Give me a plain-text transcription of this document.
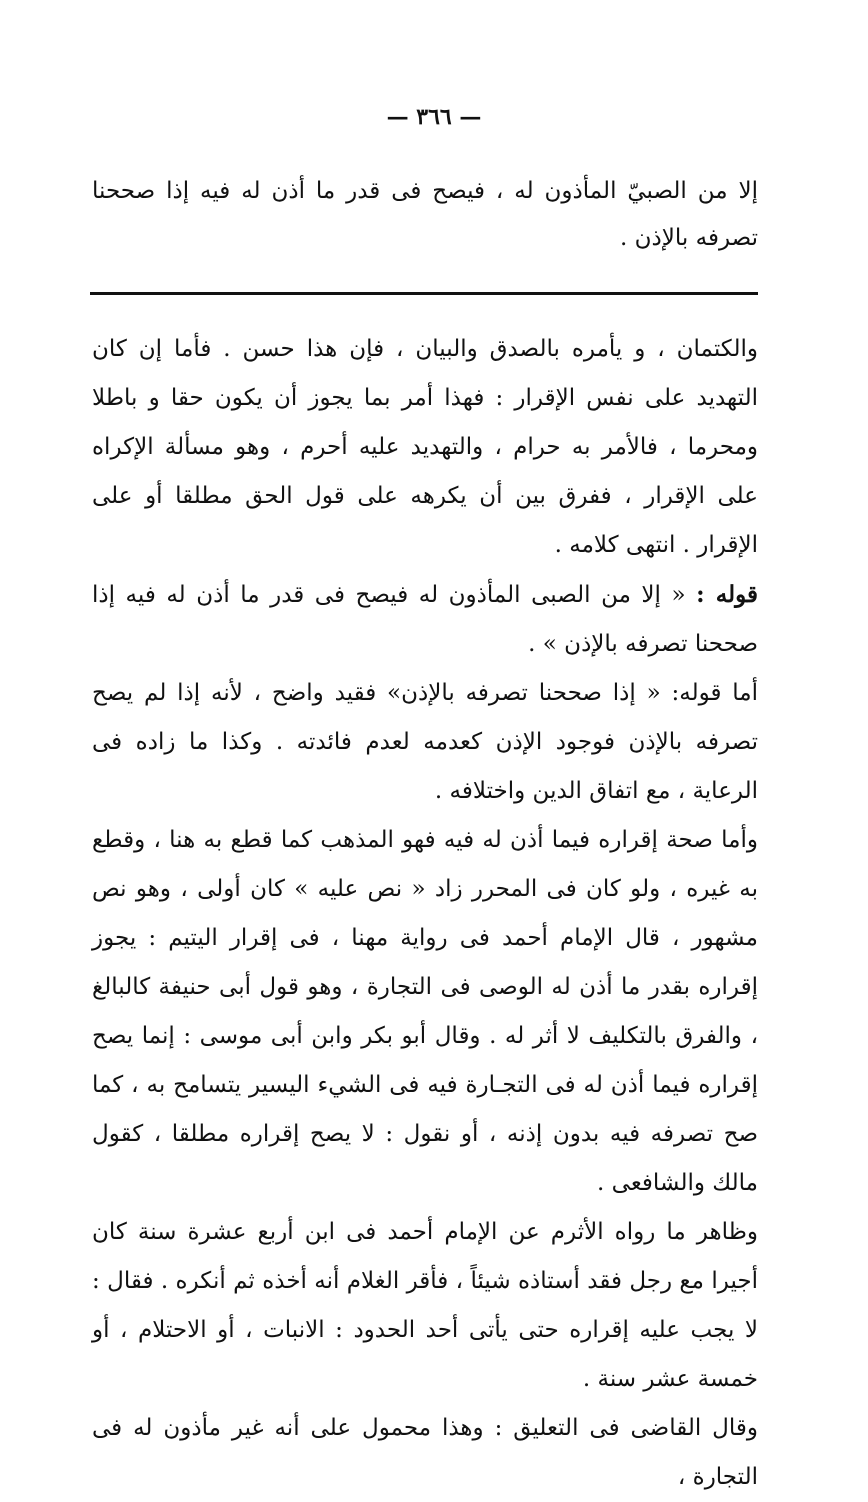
— ٣٦٦ —
إلا من الصبيّ المأذون له ، فيصح فى قدر ما أذن له فيه إذا صححنا تصرفه بالإذن .

والكتمان ، و يأمره بالصدق والبيان ، فإن هذا حسن . فأما إن كان التهديد على نفس الإقرار : فهذا أمر بما يجوز أن يكون حقا و باطلا ومحرما ، فالأمر به حرام ، والتهديد عليه أحرم ، وهو مسألة الإكراه على الإقرار ، ففرق بين أن يكرهه على قول الحق مطلقا أو على الإقرار . انتهى كلامه .

قوله : « إلا من الصبى المأذون له فيصح فى قدر ما أذن له فيه إذا صححنا تصرفه بالإذن » .

أما قوله: « إذا صححنا تصرفه بالإذن» فقيد واضح ، لأنه إذا لم يصح تصرفه بالإذن فوجود الإذن كعدمه لعدم فائدته . وكذا ما زاده فى الرعاية ، مع اتفاق الدين واختلافه .

وأما صحة إقراره فيما أذن له فيه فهو المذهب كما قطع به هنا ، وقطع به غيره ، ولو كان فى المحرر زاد « نص عليه » كان أولى ، وهو نص مشهور ، قال الإمام أحمد فى رواية مهنا ، فى إقرار اليتيم : يجوز إقراره بقدر ما أذن له الوصى فى التجارة ، وهو قول أبى حنيفة كالبالغ ، والفرق بالتكليف لا أثر له . وقال أبو بكر وابن أبى موسى : إنما يصح إقراره فيما أذن له فى التجـارة فيه فى الشيء اليسير يتسامح به ، كما صح تصرفه فيه بدون إذنه ، أو نقول : لا يصح إقراره مطلقا ، كقول مالك والشافعى .

وظاهر ما رواه الأثرم عن الإمام أحمد فى ابن أربع عشرة سنة كان أجيرا مع رجل فقد أستاذه شيئاً ، فأقر الغلام أنه أخذه ثم أنكره . فقال : لا يجب عليه إقراره حتى يأتى أحد الحدود : الانبات ، أو الاحتلام ، أو خمسة عشر سنة .

وقال القاضى فى التعليق : وهذا محمول على أنه غير مأذون له فى التجارة ،
